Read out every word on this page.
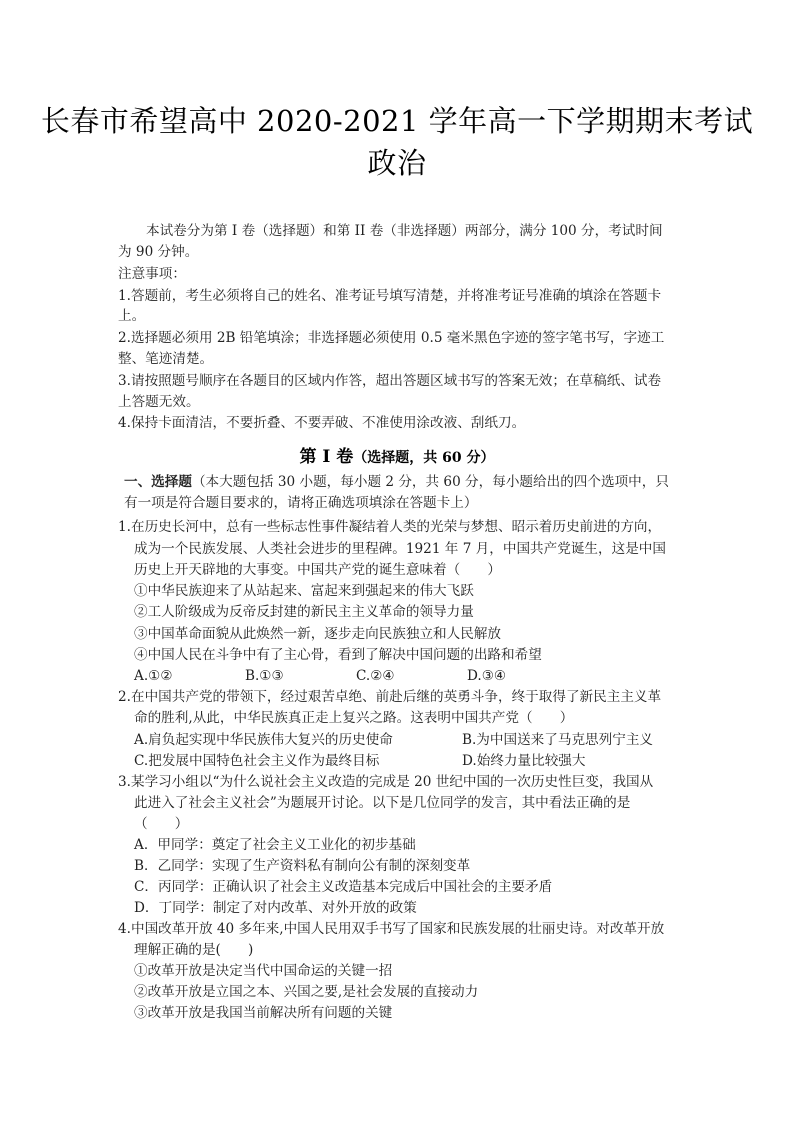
长春市希望高中 2020-2021 学年高一下学期期末考试
政治
本试卷分为第 I 卷（选择题）和第 II 卷（非选择题）两部分，满分 100 分，考试时间
为 90 分钟。
注意事项：
1.答题前，考生必须将自己的姓名、准考证号填写清楚，并将准考证号准确的填涂在答题卡
上。
2.选择题必须用 2B 铅笔填涂；非选择题必须使用 0.5 毫米黑色字迹的签字笔书写，字迹工
整、笔迹清楚。
3.请按照题号顺序在各题目的区域内作答，超出答题区域书写的答案无效；在草稿纸、试卷
上答题无效。
4.保持卡面清洁，不要折叠、不要弄破、不准使用涂改液、刮纸刀。
第 I 卷（选择题，共 60 分）
一、选择题（本大题包括 30 小题，每小题 2 分，共 60 分，每小题给出的四个选项中，只
有一项是符合题目要求的，请将正确选项填涂在答题卡上）
1.在历史长河中，总有一些标志性事件凝结着人类的光荣与梦想、昭示着历史前进的方向，
成为一个民族发展、人类社会进步的里程碑。1921 年 7 月，中国共产党诞生，这是中国
历史上开天辟地的大事变。中国共产党的诞生意味着（　　）
①中华民族迎来了从站起来、富起来到强起来的伟大飞跃
②工人阶级成为反帝反封建的新民主主义革命的领导力量
③中国革命面貌从此焕然一新，逐步走向民族独立和人民解放
④中国人民在斗争中有了主心骨，看到了解决中国问题的出路和希望
A.①②	B.①③	C.②④	D.③④
2.在中国共产党的带领下，经过艰苦卓绝、前赴后继的英勇斗争，终于取得了新民主主义革
命的胜利,从此，中华民族真正走上复兴之路。这表明中国共产党（　　）
A.肩负起实现中华民族伟大复兴的历史使命	B.为中国送来了马克思列宁主义
C.把发展中国特色社会主义作为最终目标	D.始终力量比较强大
3.某学习小组以“为什么说社会主义改造的完成是 20 世纪中国的一次历史性巨变，我国从
此进入了社会主义社会”为题展开讨论。以下是几位同学的发言，其中看法正确的是
（　　）
A．甲同学：奠定了社会主义工业化的初步基础
B．乙同学：实现了生产资料私有制向公有制的深刻变革
C．丙同学：正确认识了社会主义改造基本完成后中国社会的主要矛盾
D．丁同学：制定了对内改革、对外开放的政策
4.中国改革开放 40 多年来,中国人民用双手书写了国家和民族发展的壮丽史诗。对改革开放
理解正确的是(　　)
①改革开放是决定当代中国命运的关键一招
②改革开放是立国之本、兴国之要,是社会发展的直接动力
③改革开放是我国当前解决所有问题的关键
